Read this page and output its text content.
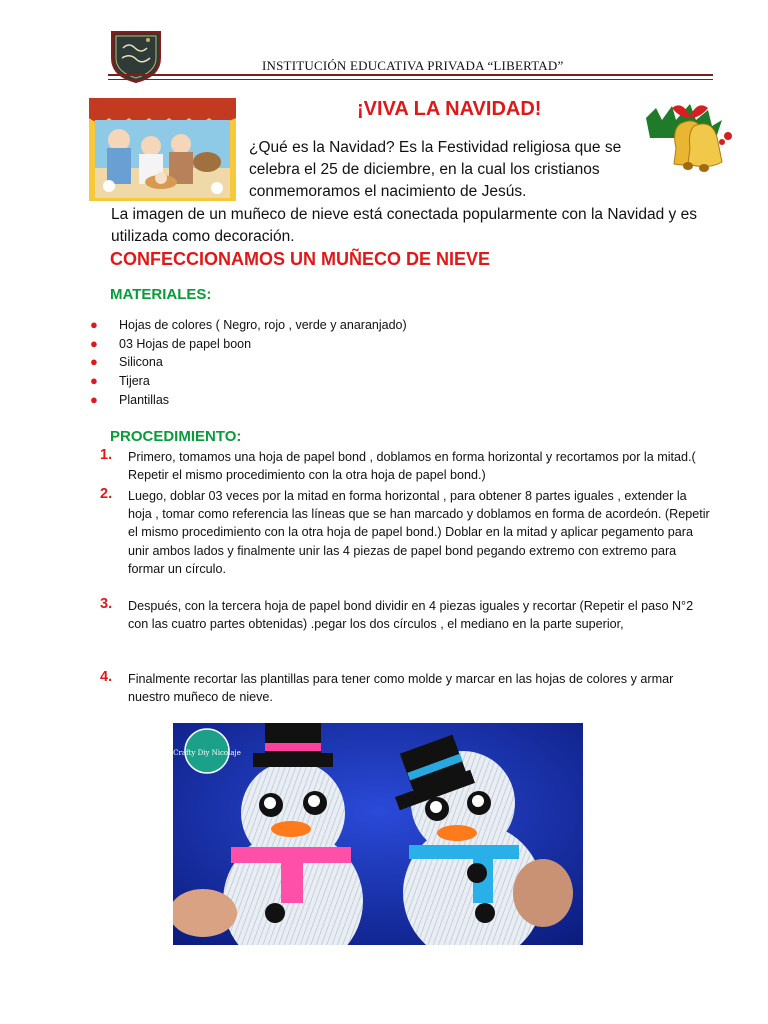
INSTITUCIÓN EDUCATIVA PRIVADA “LIBERTAD”
¡VIVA LA NAVIDAD!
¿Qué es la Navidad? Es la Festividad religiosa que se celebra el 25 de diciembre, en la cual los cristianos conmemoramos el nacimiento de Jesús.
La imagen de un muñeco de nieve está conectada popularmente con la Navidad y es utilizada como decoración.
CONFECCIONAMOS UN MUÑECO DE NIEVE
MATERIALES:
● Hojas de colores ( Negro, rojo , verde y anaranjado)
● 03 Hojas de papel boon
● Silicona
● Tijera
● Plantillas
PROCEDIMIENTO:
1. Primero, tomamos una hoja de papel bond , doblamos en forma horizontal y recortamos por la mitad.( Repetir el mismo procedimiento con la otra hoja de papel bond.)
2. Luego, doblar 03 veces por la mitad en forma horizontal , para obtener 8 partes iguales , extender la hoja , tomar como referencia las líneas que se han marcado y doblamos en forma de acordeón. (Repetir el mismo procedimiento con la otra hoja de papel bond.) Doblar en la mitad y aplicar pegamento para unir ambos lados y finalmente unir las 4 piezas de papel bond pegando extremo con extremo para formar un círculo.
3. Después, con la tercera hoja de papel bond dividir en 4 piezas iguales y recortar (Repetir el paso N°2 con las cuatro partes obtenidas) .pegar los dos círculos , el mediano en la parte superior,
4. Finalmente recortar las plantillas para tener como molde y marcar en las hojas de colores y armar nuestro muñeco de nieve.
Crafty Diy Nicolaje
